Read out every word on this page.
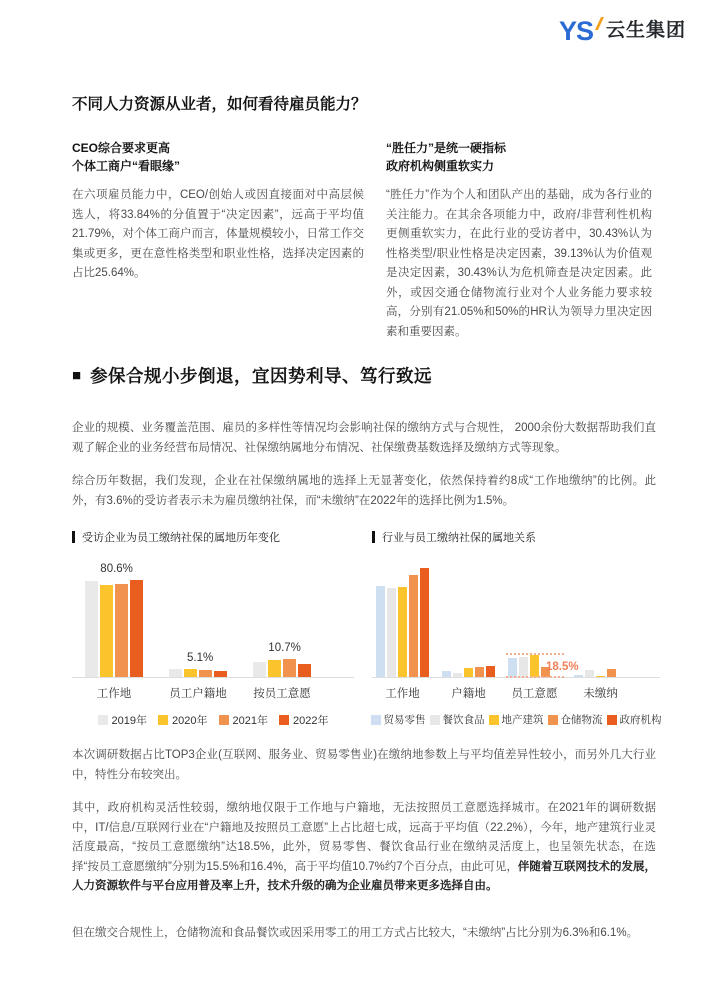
YS 云生集团
不同人力资源从业者，如何看待雇员能力？
CEO综合要求更高
个体工商户“看眼缘”
在六项雇员能力中，CEO/创始人或因直接面对中高层候选人，将33.84%的分值置于“决定因素”，远高于平均值21.79%，对个体工商户而言，体量规模较小，日常工作交集或更多，更在意性格类型和职业性格，选择决定因素的占比25.64%。
“胜任力”是统一硬指标
政府机构侧重软实力
“胜任力”作为个人和团队产出的基础，成为各行业的关注能力。在其余各项能力中，政府/非营利性机构更侧重软实力，在此行业的受访者中，30.43%认为性格类型/职业性格是决定因素，39.13%认为价值观是决定因素，30.43%认为危机筛查是决定因素。此外，或因交通仓储物流行业对个人业务能力要求较高，分别有21.05%和50%的HR认为领导力里决定因素和重要因素。
■ 参保合规小步倒退，宜因势利导、笃行致远
企业的规模、业务覆盖范围、雇员的多样性等情况均会影响社保的缴纳方式与合规性， 2000余份大数据帮助我们直观了解企业的业务经营布局情况、社保缴纳属地分布情况、社保缴费基数选择及缴纳方式等现象。
综合历年数据，我们发现，企业在社保缴纳属地的选择上无显著变化，依然保持着约8成“工作地缴纳”的比例。此外，有3.6%的受访者表示未为雇员缴纳社保，而“未缴纳”在2022年的选择比例为1.5%。
受访企业为员工缴纳社保的属地历年变化
80.6%
5.1%
10.7%
工作地	员工户籍地 按员工意愿
2019年 2020年 2021年 2022年
行业与员工缴纳社保的属地关系
18.5%
工作地	户籍地	员工意愿	未缴纳
贸易零售 餐饮食品 地产建筑 仓储物流 政府机构
本次调研数据占比TOP3企业(互联网、服务业、贸易零售业)在缴纳地参数上与平均值差异性较小，而另外几大行业中，特性分布较突出。
其中，政府机构灵活性较弱，缴纳地仅限于工作地与户籍地，无法按照员工意愿选择城市。在2021年的调研数据中，IT/信息/互联网行业在“户籍地及按照员工意愿”上占比超七成，远高于平均值（22.2%），今年，地产建筑行业灵活度最高，“按员工意愿缴纳”达18.5%，此外，贸易零售、餐饮食品行业在缴纳灵活度上，也呈领先状态，在选择“按员工意愿缴纳”分别为15.5%和16.4%，高于平均值10.7%约7个百分点，由此可见，伴随着互联网技术的发展，人力资源软件与平台应用普及率上升，技术升级的确为企业雇员带来更多选择自由。
但在缴交合规性上，仓储物流和食品餐饮或因采用零工的用工方式占比较大，“未缴纳”占比分别为6.3%和6.1%。
